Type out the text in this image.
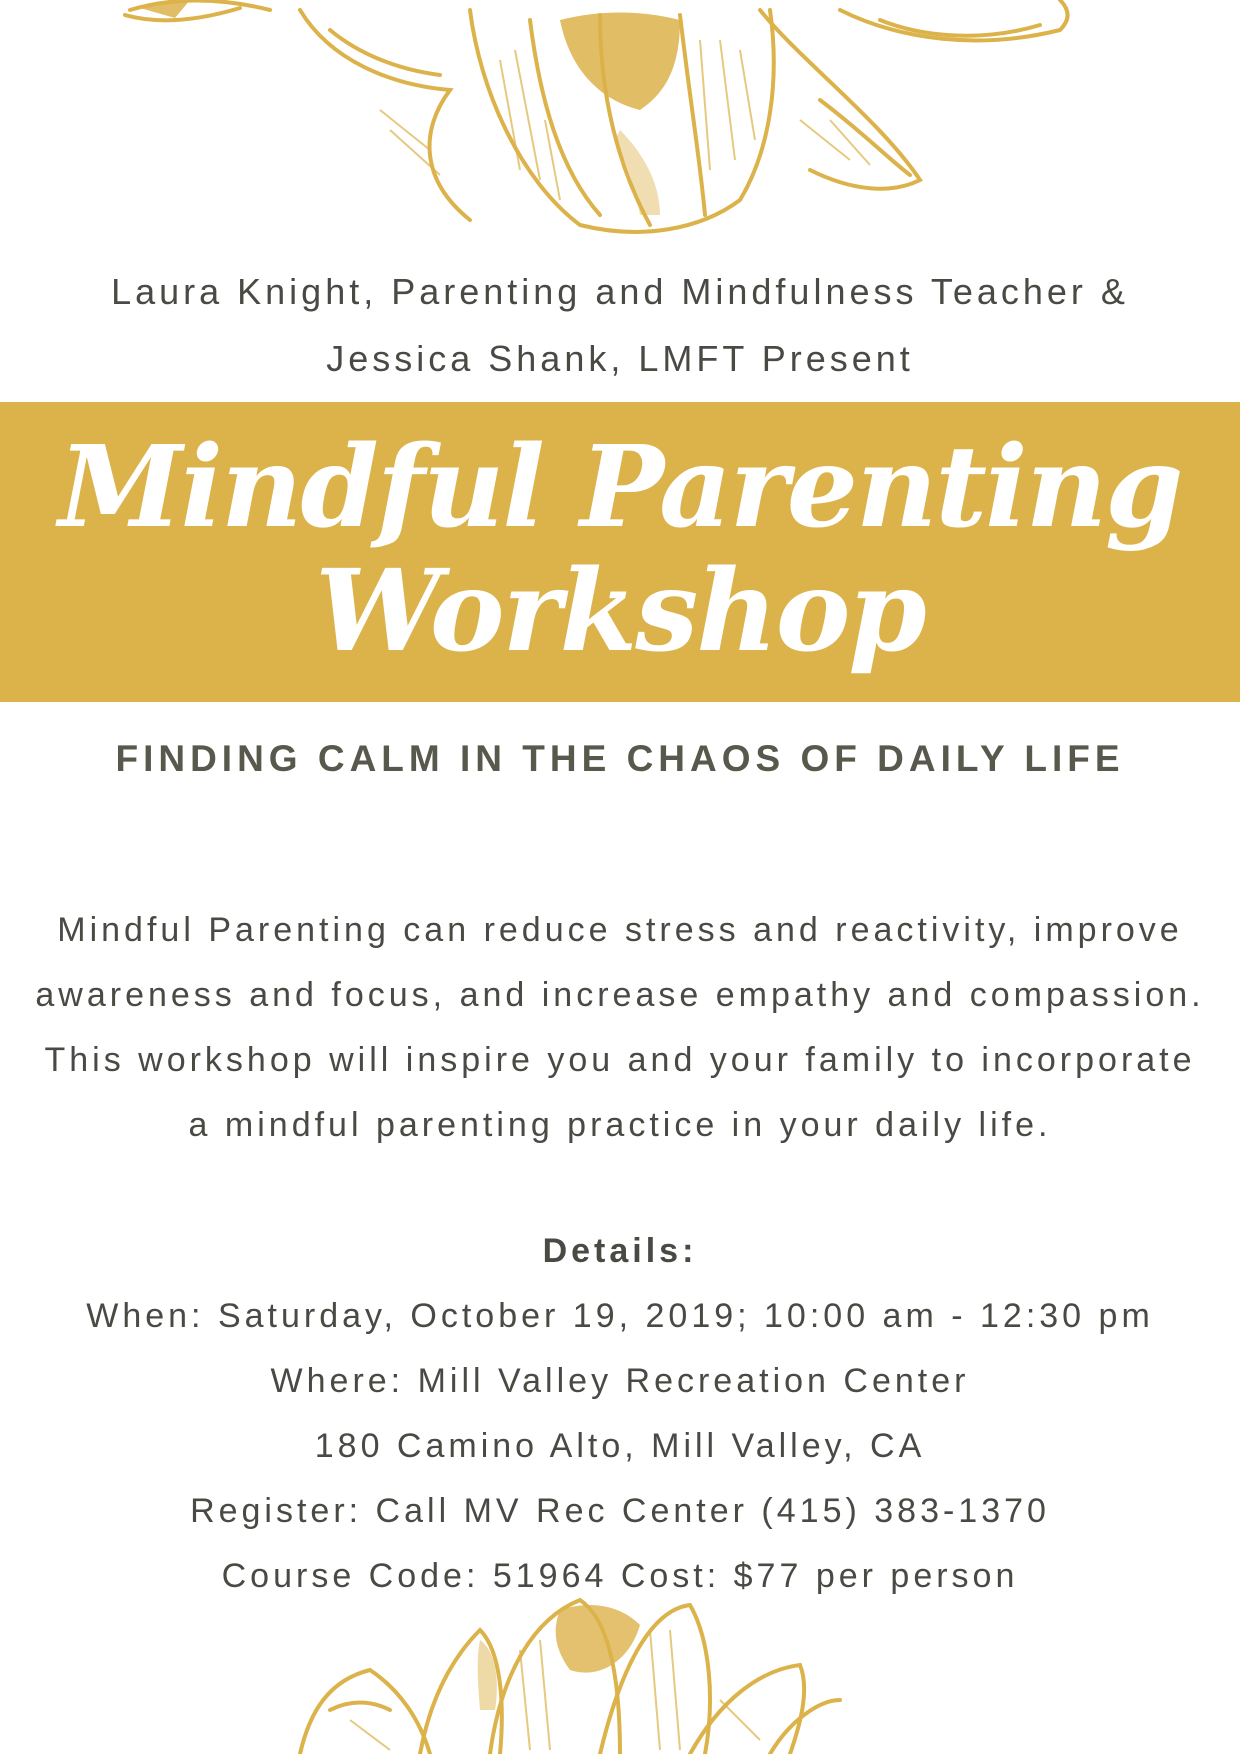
Laura Knight, Parenting and Mindfulness Teacher &
Jessica Shank, LMFT Present
Mindful Parenting
Workshop
FINDING CALM IN THE CHAOS OF DAILY LIFE
Mindful Parenting can reduce stress and reactivity, improve
awareness and focus, and increase empathy and compassion.
This workshop will inspire you and your family to incorporate
a mindful parenting practice in your daily life.
Details:
When: Saturday, October 19, 2019; 10:00 am - 12:30 pm
Where: Mill Valley Recreation Center
180 Camino Alto, Mill Valley, CA
Register: Call MV Rec Center (415) 383-1370
Course Code: 51964 Cost: $77 per person
